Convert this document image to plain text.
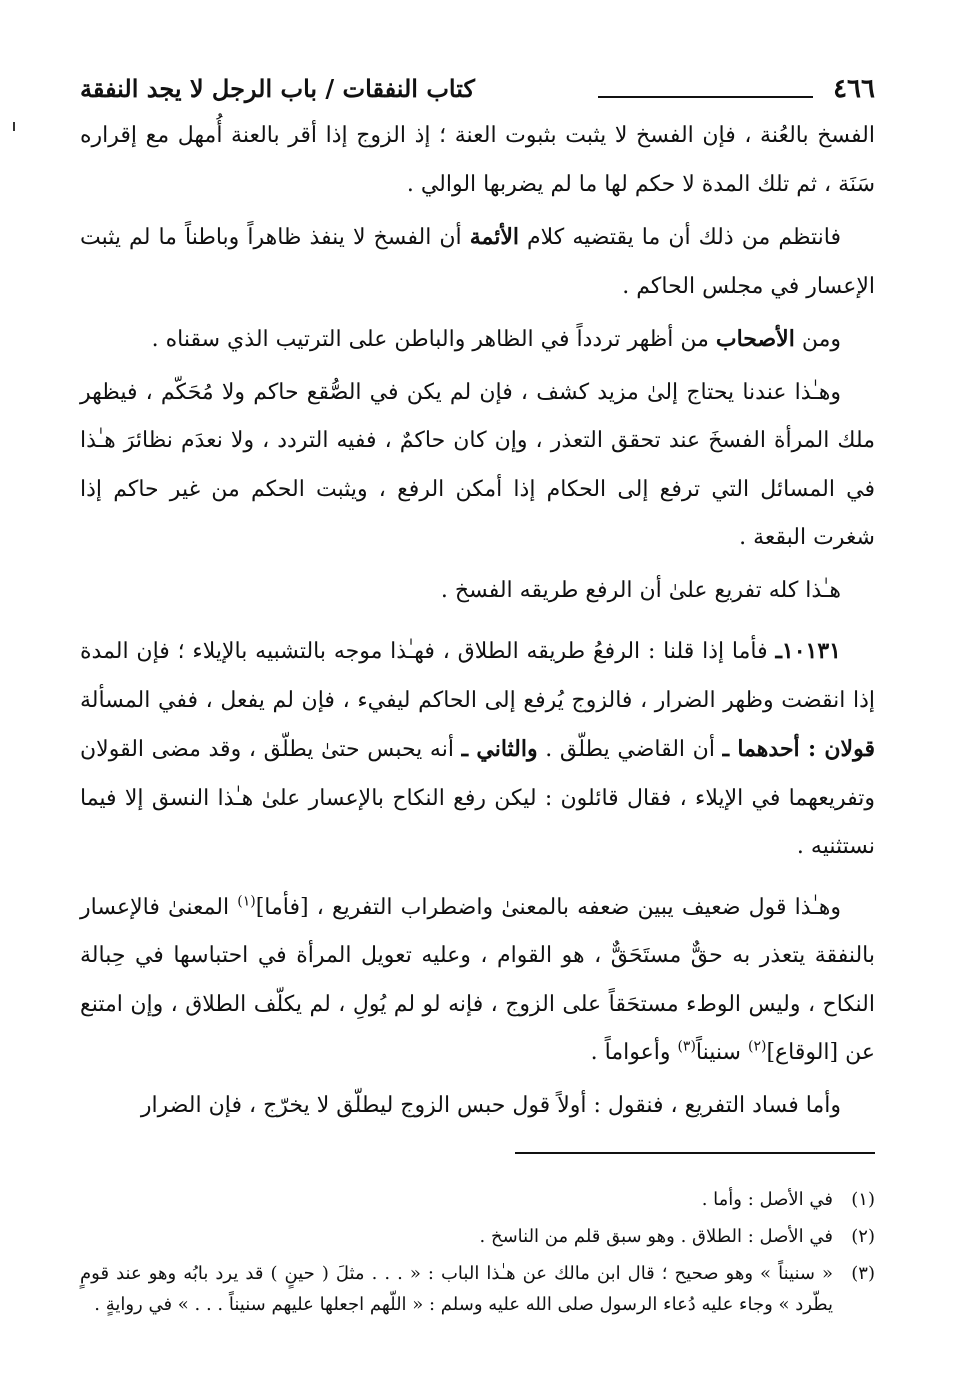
٤٦٦
كتاب النفقات / باب الرجل لا يجد النفقة

الفسخ بالعُنة ، فإن الفسخ لا يثبت بثبوت العنة ؛ إذ الزوج إذا أقر بالعنة أُمهل مع إقراره سَنَة ، ثم تلك المدة لا حكم لها ما لم يضربها الوالي .

فانتظم من ذلك أن ما يقتضيه كلام الأئمة أن الفسخ لا ينفذ ظاهراً وباطناً ما لم يثبت الإعسار في مجلس الحاكم .

ومن الأصحاب من أظهر تردداً في الظاهر والباطن على الترتيب الذي سقناه .

وهـٰذا عندنا يحتاج إلىٰ مزيد كشف ، فإن لم يكن في الصُّقع حاكم ولا مُحَكّم ، فيظهر ملك المرأة الفسخَ عند تحقق التعذر ، وإن كان حاكمٌ ، ففيه التردد ، ولا نعدَم نظائرَ هـٰذا في المسائل التي ترفع إلى الحكام إذا أمكن الرفع ، ويثبت الحكم من غير حاكم إذا شغرت البقعة .

هـٰذا كله تفريع علىٰ أن الرفع طريقه الفسخ .

١٠١٣١ـ فأما إذا قلنا : الرفعُ طريقه الطلاق ، فهـٰذا موجه بالتشبيه بالإيلاء ؛ فإن المدة إذا انقضت وظهر الضرار ، فالزوج يُرفع إلى الحاكم ليفيء ، فإن لم يفعل ، ففي المسألة قولان : أحدهما ـ أن القاضي يطلّق . والثاني ـ أنه يحبس حتىٰ يطلّق ، وقد مضى القولان وتفريعهما في الإيلاء ، فقال قائلون : ليكن رفع النكاح بالإعسار علىٰ هـٰذا النسق إلا فيما نستثنيه .

وهـٰذا قول ضعيف يبين ضعفه بالمعنىٰ واضطراب التفريع ، [فأما]$^{(١)}$ المعنىٰ فالإعسار بالنفقة يتعذر به حقٌّ مستَحَقٌّ ، هو القوام ، وعليه تعويل المرأة في احتباسها في حِبالة النكاح ، وليس الوطء مستحَقاً على الزوج ، فإنه لو لم يُولِ ، لم يكلّف الطلاق ، وإن امتنع عن [الوقاع]$^{(٢)}$ سنيناً$^{(٣)}$ وأعواماً .

وأما فساد التفريع ، فنقول : أولاً قول حبس الزوج ليطلّق لا يخرّج ، فإن الضرار

(١)
في الأصل : وأما .
(٢)
في الأصل : الطلاق . وهو سبق قلم من الناسخ .
(٣)
« سنيناً » وهو صحيح ؛ قال ابن مالك عن هـٰذا الباب : « . . . مثلَ ( حينٍ ) قد يرد بابُه وهو عند قومٍ يطّرد » وجاء عليه دُعاء الرسول صلى الله عليه وسلم : « اللّهم اجعلها عليهم سنيناً . . . » في روايةٍ .
